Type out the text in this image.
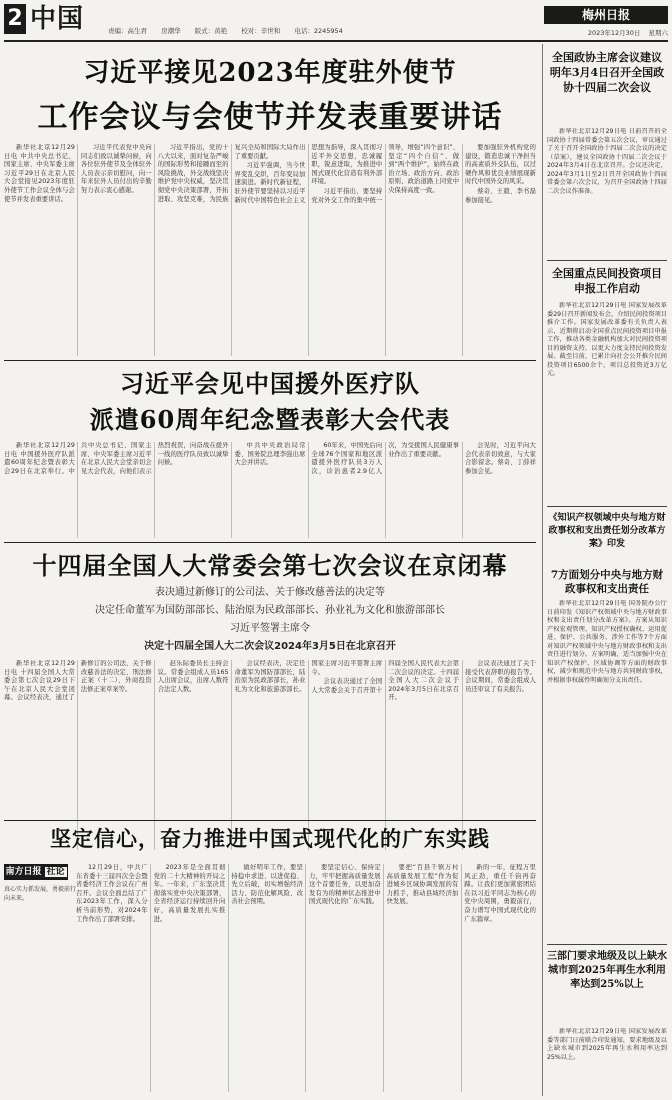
2 中国	责编：高生君 房潮华 版式：黄艳 校对：辛世和 电话：2245954
梅州日报
2023年12月30日 星期六
习近平接见2023年度驻外使节
工作会议与会使节并发表重要讲话

新华社北京12月29日电 中共中央总书记、国家主席、中央军委主席习近平29日在北京人民大会堂接见2023年度驻外使节工作会议全体与会使节并发表重要讲话。

习近平代表党中央向同志们致以诚挚问候，向各位驻外使节及全体驻外人员表示亲切慰问，向一年来驻外人员付出的辛勤努力表示衷心感谢。

习近平指出，党的十八大以来，面对复杂严峻的国际形势和接踵而至的风险挑战，外交战线坚决维护党中央权威，坚决贯彻党中央决策部署，开拓进取、攻坚克难，为民族复兴全局和国际大局作出了重要贡献。

习近平强调，当今世界变乱交织，百年变局加速演进。新时代新征程，驻外使节要坚持以习近平新时代中国特色社会主义思想为指导，深入贯彻习近平外交思想，忠诚履职，锐意进取，为推进中国式现代化营造有利外部环境。

习近平指出，要坚持党对外交工作的集中统一领导，增强“四个意识”、坚定“四个自信”、做到“两个维护”，始终在政治立场、政治方向、政治原则、政治道路上同党中央保持高度一致。

要加强驻外机构党的建设，锻造忠诚干净担当的高素质外交队伍，以过硬作风和优良业绩展现新时代中国外交的风采。

蔡奇、王毅、李书磊参加接见。

习近平会见中国援外医疗队
派遣60周年纪念暨表彰大会代表

新华社北京12月29日电 中国援外医疗队派遣60周年纪念暨表彰大会29日在北京举行。中共中央总书记、国家主席、中央军委主席习近平在北京人民大会堂亲切会见大会代表，向他们表示热烈祝贺，向奋战在援外一线的医疗队员致以诚挚问候。

中共中央政治局常委、国务院总理李强出席大会并讲话。

60年来，中国先后向全球76个国家和地区派遣援外医疗队员3万人次，诊治患者2.9亿人次，为受援国人民健康事业作出了重要贡献。

会见时，习近平向大会代表亲切致意，与大家合影留念。蔡奇、丁薛祥参加会见。

十四届全国人大常委会第七次会议在京闭幕
表决通过新修订的公司法、关于修改慈善法的决定等
决定任命董军为国防部部长、陆治原为民政部部长、孙业礼为文化和旅游部部长
习近平签署主席令
决定十四届全国人大二次会议2024年3月5日在北京召开

新华社北京12月29日电 十四届全国人大常委会第七次会议29日下午在北京人民大会堂闭幕。会议经表决，通过了新修订的公司法、关于修改慈善法的决定、刑法修正案（十二）、外商投资法修正案草案等。

赵乐际委员长主持会议。常委会组成人员165人出席会议，出席人数符合法定人数。

会议经表决，决定任命董军为国防部部长，陆治原为民政部部长，孙业礼为文化和旅游部部长。国家主席习近平签署主席令。

会议表决通过了全国人大常委会关于召开第十四届全国人民代表大会第二次会议的决定。十四届全国人大二次会议于2024年3月5日在北京召开。

会议表决通过了关于接受代表辞职的报告等。会议期间，常委会组成人员还审议了有关报告。

坚定信心，奋力推进中国式现代化的广东实践
南方日报 社论
真心实力抓发展，勇毅前行向未来。

12月29日，中共广东省委十三届四次全会暨省委经济工作会议在广州召开。会议全面总结了广东2023年工作，深入分析当前形势，对2024年工作作出了部署安排。

2023年是全面贯彻党的二十大精神的开局之年。一年来，广东坚决贯彻落实党中央决策部署，全省经济运行持续回升向好，高质量发展扎实推进。

做好明年工作，要坚持稳中求进、以进促稳、先立后破，切实增强经济活力、防范化解风险、改善社会预期。

要坚定信心、保持定力，牢牢把握高质量发展这个首要任务，以更加奋发有为的精神状态推进中国式现代化的广东实践。

要把“百县千镇万村高质量发展工程”作为促进城乡区域协调发展的有力抓手，推动县域经济加快发展。

新的一年，征程万里风正劲，重任千钧再奋蹄。让我们更加紧密团结在以习近平同志为核心的党中央周围，勇毅前行，奋力谱写中国式现代化的广东篇章。

全国政协主席会议建议明年3月4日召开全国政协十四届二次会议

新华社北京12月29日电 日前召开的全国政协十四届常委会第五次会议，审议通过了关于召开全国政协十四届二次会议的决定（草案），建议全国政协十四届二次会议于2024年3月4日在北京召开。会议还决定，2024年3月1日至2日召开全国政协十四届常委会第六次会议，为召开全国政协十四届二次会议作准备。

全国重点民间投资项目申报工作启动

新华社北京12月29日电 国家发展改革委29日召开新闻发布会，介绍民间投资项目推介工作。国家发展改革委有关负责人表示，近期将启动全国重点民间投资项目申报工作，推动各类金融机构加大对民间投资项目的融资支持，以更大力度支持民间投资发展。截至目前，已累计向社会公开推介民间投资项目6500余个，项目总投资近3万亿元。

《知识产权领域中央与地方财政事权和支出责任划分改革方案》印发
7方面划分中央与地方财政事权和支出责任

新华社北京12月29日电 国务院办公厅日前印发《知识产权领域中央与地方财政事权和支出责任划分改革方案》。方案从知识产权宏观管理、知识产权授权确权、运用促进、保护、公共服务、涉外工作等7个方面对知识产权领域中央与地方财政事权和支出责任进行划分。方案明确，适当加强中央在知识产权保护、区域协调等方面的财政事权，减少和规范中央与地方共同财政事权，并根据事权属性明确划分支出责任。

三部门要求地级及以上缺水城市到2025年再生水利用率达到25%以上

新华社北京12月29日电 国家发展改革委等部门日前联合印发通知，要求地级及以上缺水城市到2025年再生水利用率达到25%以上。
